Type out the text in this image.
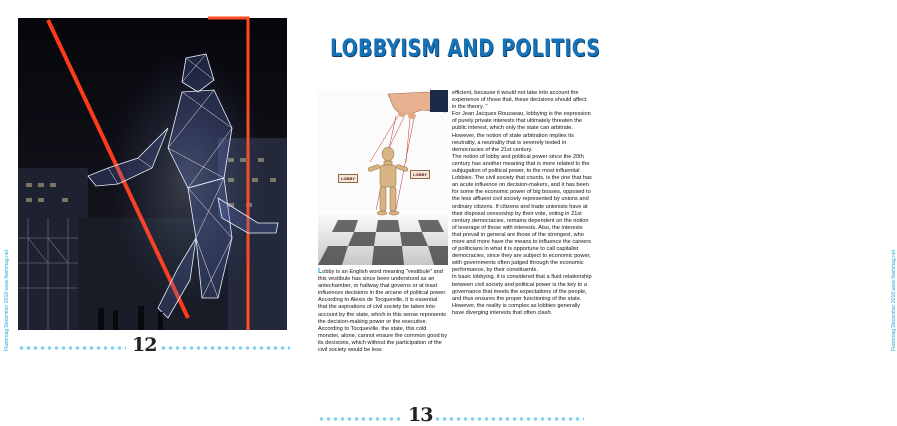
Flashmag December 2018 www.flashmag.net	12	Flashmag December 2018 www.flashmag.net
LOBBYISM AND POLITICS
LOBBY
LOBBY

Lobby is an English word meaning "vestibule" and this vestibule has since been understood as an antechamber, or hallway that governs or at least influences decisions in the arcane of political power. According to Alexis de Tocqueville, it is essential that the aspirations of civil society be taken into account by the state, which in this sense represents the decision-making power or the executive. According to Tocqueville, the state, this cold monster, alone, cannot ensure the common good by its decisions, which without the participation of the civil society would be less

efficient, because it would not take into account the experience of those that, these decisions should affect in the theory. "

For Jean Jacques Rousseau, lobbying is the expression of purely private interests that ultimately threaten the public interest, which only the state can arbitrate. However, the notion of state arbitration implies its neutrality, a neutrality that is severely tested in democracies of the 21st century.

The notion of lobby and political power since the 20th century has another meaning that is more related to the subjugation of political power, to the most influential Lobbies. The civil society that counts, is the one that has an acute influence on decision-makers, and it has been for some the economic power of big bosses, opposed to the less affluent civil society represented by unions and ordinary citizens. If citizens and trade unionists have at their disposal censorship by their vote, voting in 21st century democracies, remains dependent on the notion of leverage of those with interests. Also, the interests that prevail in general are those of the strongest, who more and more have the means to influence the careers of politicians in what it is opportune to call capitalist democracies, since they are subject to economic power, with governments often judged through the economic performance, by their constituents.

In basic lobbying, it is considered that a fluid relationship between civil society and political power is the key to a governance that meets the expectations of the people, and thus ensures the proper functioning of the state. However, the reality is complex as lobbies generally have diverging interests that often clash.

13
